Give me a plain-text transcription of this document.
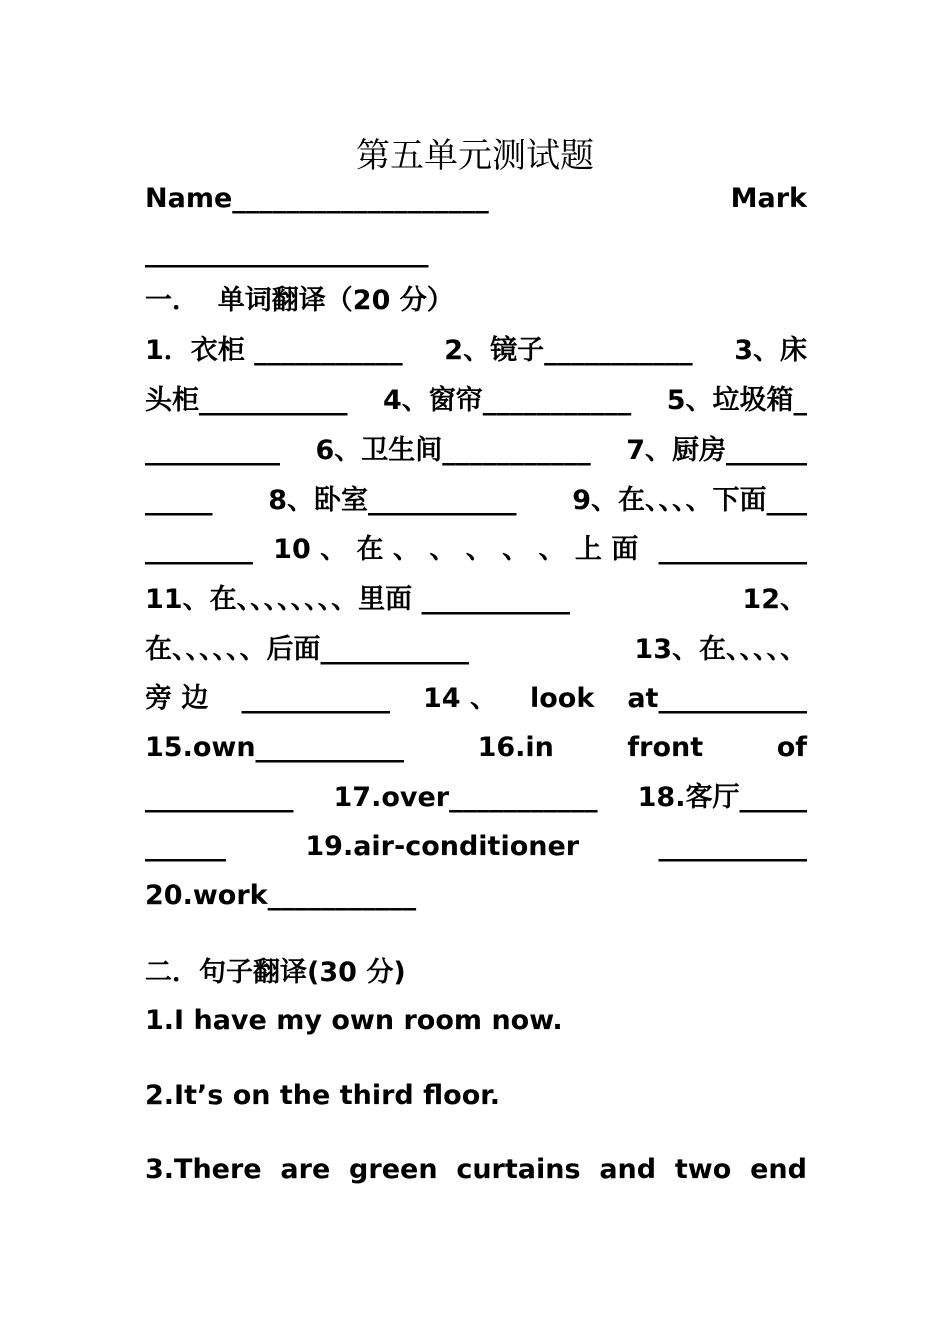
第五单元测试题
Name___________________	Mark
_____________________
一．  单词翻译（20 分）
1．衣柜 ___________ 2、镜子___________ 3、床
头柜___________ 4、窗帘___________ 5、垃圾箱_
__________ 6、卫生间___________ 7、厨房______
_____ 8、卧室___________ 9、在、、、、下面___
________ 10 、 在 、 、 、 、 、 上 面 ___________
11、在、、、、、、、、里面 ___________	12、
在、、、、、、后面___________	13、在、、、、、
旁 边 ___________ 14 、 look at___________
15.own___________	16.in	front	of
___________ 17.over___________ 18.客厅_____
______	19.air-conditioner	___________
20.work___________
二．句子翻译(30 分)
1.I have my own room now.
2.It’s on the third floor.
3.There are green curtains and two end
